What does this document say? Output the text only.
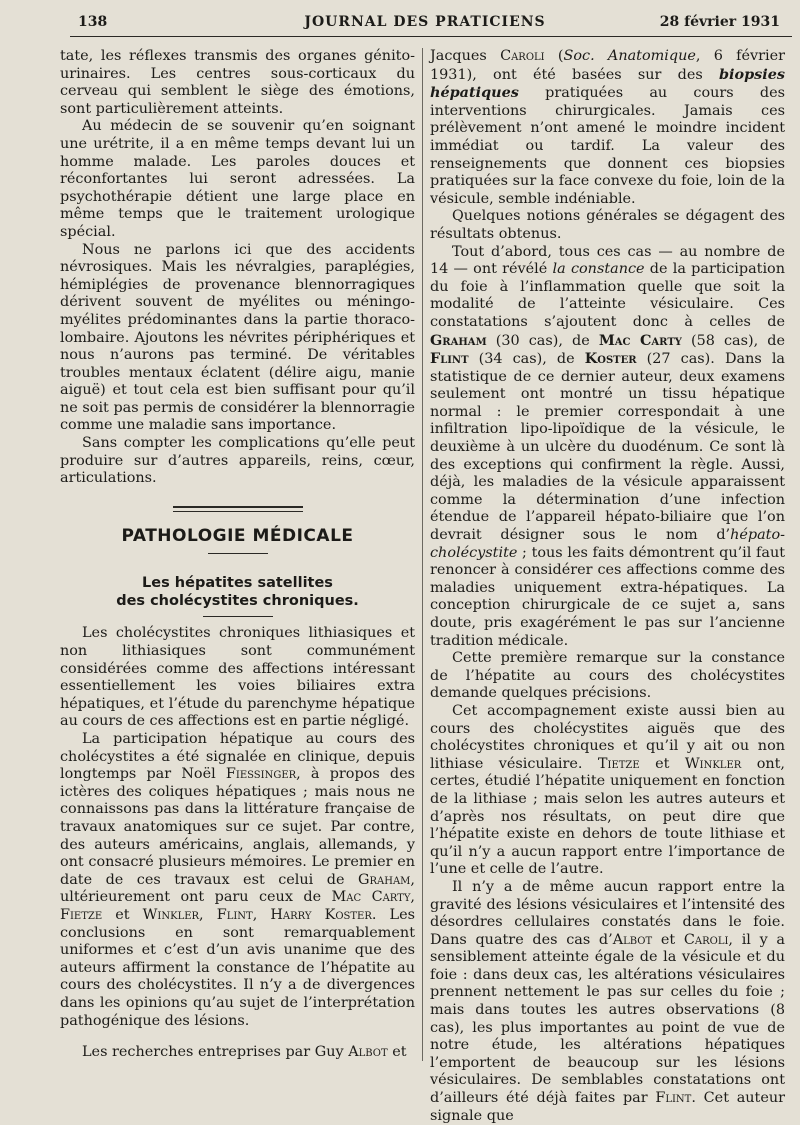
138	JOURNAL DES PRATICIENS	28 février 1931

tate, les réflexes transmis des organes génito-urinaires. Les centres sous-corticaux du cerveau qui semblent le siège des émotions, sont particulièrement atteints.

Au médecin de se souvenir qu’en soignant une urétrite, il a en même temps devant lui un homme malade. Les paroles douces et réconfortantes lui seront adressées. La psychothérapie détient une large place en même temps que le traitement urologique spécial.

Nous ne parlons ici que des accidents névrosiques. Mais les névralgies, paraplégies, hémiplégies de provenance blennorragiques dérivent souvent de myélites ou méningo-myélites prédominantes dans la partie thoraco-lombaire. Ajoutons les névrites périphériques et nous n’aurons pas terminé. De véritables troubles mentaux éclatent (délire aigu, manie aiguë) et tout cela est bien suffisant pour qu’il ne soit pas permis de considérer la blennorragie comme une maladie sans importance.

Sans compter les complications qu’elle peut produire sur d’autres appareils, reins, cœur, articulations.

PATHOLOGIE MÉDICALE

Les hépatites satellites

des cholécystites chroniques.

Les cholécystites chroniques lithiasiques et non lithiasiques sont communément considérées comme des affections intéressant essentiellement les voies biliaires extra hépatiques, et l’étude du parenchyme hépatique au cours de ces affections est en partie négligé.

La participation hépatique au cours des cholécystites a été signalée en clinique, depuis longtemps par Noël Fiessinger, à propos des ictères des coliques hépatiques ; mais nous ne connaissons pas dans la littérature française de travaux anatomiques sur ce sujet. Par contre, des auteurs américains, anglais, allemands, y ont consacré plusieurs mémoires. Le premier en date de ces travaux est celui de Graham, ultérieurement ont paru ceux de Mac Carty, Fietze et Winkler, Flint, Harry Koster. Les conclusions en sont remarquablement uniformes et c’est d’un avis unanime que des auteurs affirment la constance de l’hépatite au cours des cholécystites. Il n’y a de divergences dans les opinions qu’au sujet de l’interprétation pathogénique des lésions.

Les recherches entreprises par Guy Albot et

Jacques Caroli (Soc. Anatomique, 6 février 1931), ont été basées sur des biopsies hépatiques pratiquées au cours des interventions chirurgicales. Jamais ces prélèvement n’ont amené le moindre incident immédiat ou tardif. La valeur des renseignements que donnent ces biopsies pratiquées sur la face convexe du foie, loin de la vésicule, semble indéniable.

Quelques notions générales se dégagent des résultats obtenus.

Tout d’abord, tous ces cas — au nombre de 14 — ont révélé la constance de la participation du foie à l’inflammation quelle que soit la modalité de l’atteinte vésiculaire. Ces constatations s’ajoutent donc à celles de Graham (30 cas), de Mac Carty (58 cas), de Flint (34 cas), de Koster (27 cas). Dans la statistique de ce dernier auteur, deux examens seulement ont montré un tissu hépatique normal : le premier correspondait à une infiltration lipo-lipoïdique de la vésicule, le deuxième à un ulcère du duodénum. Ce sont là des exceptions qui confirment la règle. Aussi, déjà, les maladies de la vésicule apparaissent comme la détermination d’une infection étendue de l’appareil hépato-biliaire que l’on devrait désigner sous le nom d’hépato-cholécystite ; tous les faits démontrent qu’il faut renoncer à considérer ces affections comme des maladies uniquement extra-hépatiques. La conception chirurgicale de ce sujet a, sans doute, pris exagérément le pas sur l’ancienne tradition médicale.

Cette première remarque sur la constance de l’hépatite au cours des cholécystites demande quelques précisions.

Cet accompagnement existe aussi bien au cours des cholécystites aiguës que des cholécystites chroniques et qu’il y ait ou non lithiase vésiculaire. Tietze et Winkler ont, certes, étudié l’hépatite uniquement en fonction de la lithiase ; mais selon les autres auteurs et d’après nos résultats, on peut dire que l’hépatite existe en dehors de toute lithiase et qu’il n’y a aucun rapport entre l’importance de l’une et celle de l’autre.

Il n’y a de même aucun rapport entre la gravité des lésions vésiculaires et l’intensité des désordres cellulaires constatés dans le foie. Dans quatre des cas d’Albot et Caroli, il y a sensiblement atteinte égale de la vésicule et du foie : dans deux cas, les altérations vésiculaires prennent nettement le pas sur celles du foie ; mais dans toutes les autres observations (8 cas), les plus importantes au point de vue de notre étude, les altérations hépatiques l’emportent de beaucoup sur les lésions vésiculaires. De semblables constatations ont d’ailleurs été déjà faites par Flint. Cet auteur signale que
